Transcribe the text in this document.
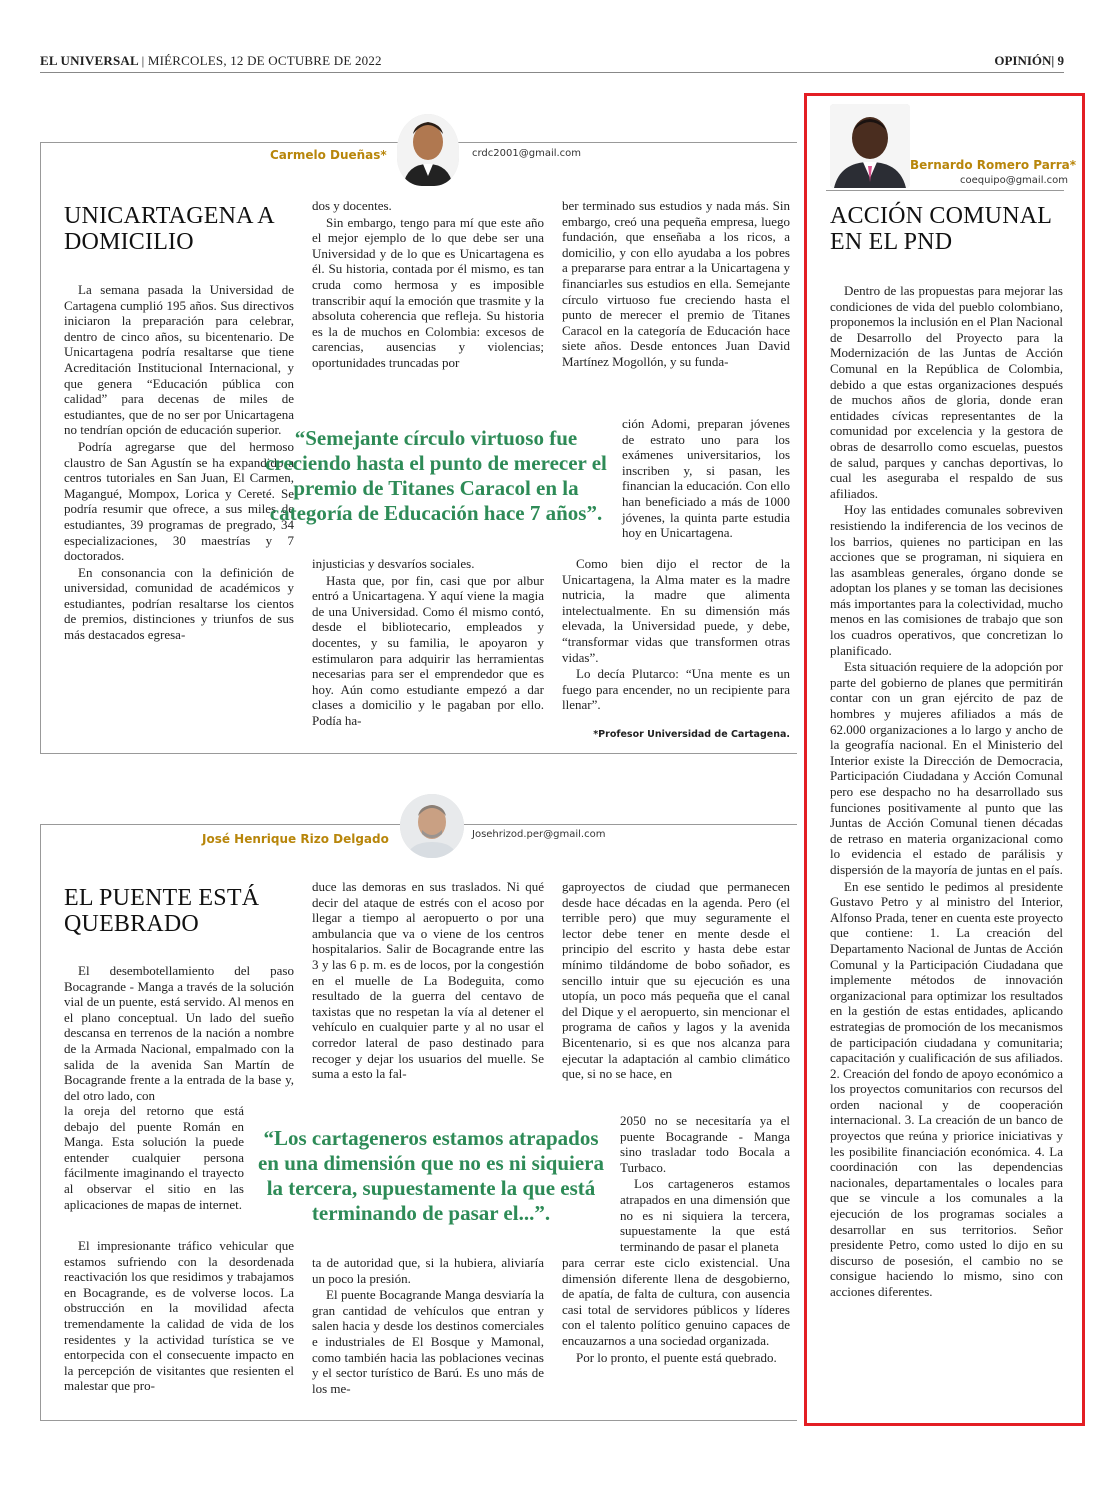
EL UNIVERSAL | MIÉRCOLES, 12 DE OCTUBRE DE 2022	OPINIÓN| 9
Carmelo Dueñas*	crdc2001@gmail.com
UNICARTAGENA A DOMICILIO

La semana pasada la Universidad de Cartagena cumplió 195 años. Sus directivos iniciaron la preparación para celebrar, dentro de cinco años, su bicentenario. De Unicartagena podría resaltarse que tiene Acreditación Institucional Internacional, y que genera “Educación pública con calidad” para decenas de miles de estudiantes, que de no ser por Unicartagena no tendrían opción de educación superior.

Podría agregarse que del hermoso claustro de San Agustín se ha expandido a centros tutoriales en San Juan, El Carmen, Magangué, Mompox, Lorica y Cereté. Se podría resumir que ofrece, a sus miles de estudiantes, 39 programas de pregrado, 34 especializaciones, 30 maestrías y 7 doctorados.

En consonancia con la definición de universidad, comunidad de académicos y estudiantes, podrían resaltarse los cientos de premios, distinciones y triunfos de sus más destacados egresa-

dos y docentes.

Sin embargo, tengo para mí que este año el mejor ejemplo de lo que debe ser una Universidad y de lo que es Unicartagena es él. Su historia, contada por él mismo, es tan cruda como hermosa y es imposible transcribir aquí la emoción que trasmite y la absoluta coherencia que refleja. Su historia es la de muchos en Colombia: excesos de carencias, ausencias y violencias; oportunidades truncadas por

ber terminado sus estudios y nada más. Sin embargo, creó una pequeña empresa, luego fundación, que enseñaba a los ricos, a domicilio, y con ello ayudaba a los pobres a prepararse para entrar a la Unicartagena y financiarles sus estudios en ella. Semejante círculo virtuoso fue creciendo hasta el punto de merecer el premio de Titanes Caracol en la categoría de Educación hace siete años. Desde entonces Juan David Martínez Mogollón, y su funda-

ción Adomi, preparan jóvenes de estrato uno para los exámenes universitarios, los inscriben y, si pasan, les financian la educación. Con ello han beneficiado a más de 1000 jóvenes, la quinta parte estudia hoy en Unicartagena.

“Semejante círculo virtuoso fue creciendo hasta el punto de merecer el premio de Titanes Caracol en la categoría de Educación hace 7 años”.

injusticias y desvaríos sociales.

Hasta que, por fin, casi que por albur entró a Unicartagena. Y aquí viene la magia de una Universidad. Como él mismo contó, desde el bibliotecario, empleados y docentes, y su familia, le apoyaron y estimularon para adquirir las herramientas necesarias para ser el emprendedor que es hoy. Aún como estudiante empezó a dar clases a domicilio y le pagaban por ello. Podía ha-

Como bien dijo el rector de la Unicartagena, la Alma mater es la madre nutricia, la madre que alimenta intelectualmente. En su dimensión más elevada, la Universidad puede, y debe, “transformar vidas que transformen otras vidas”.

Lo decía Plutarco: “Una mente es un fuego para encender, no un recipiente para llenar”.

*Profesor Universidad de Cartagena.
José Henrique Rizo Delgado	Josehrizod.per@gmail.com
EL PUENTE ESTÁ QUEBRADO

El desembotellamiento del paso Bocagrande - Manga a través de la solución vial de un puente, está servido. Al menos en el plano conceptual. Un lado del sueño descansa en terrenos de la nación a nombre de la Armada Nacional, empalmado con la salida de la avenida San Martín de Bocagrande frente a la entrada de la base y, del otro lado, con

la oreja del retorno que está debajo del puente Román en Manga. Esta solución la puede entender cualquier persona fácilmente imaginando el trayecto al observar el sitio en las aplicaciones de mapas de internet.

El impresionante tráfico vehicular que estamos sufriendo con la desordenada reactivación los que residimos y trabajamos en Bocagrande, es de volverse locos. La obstrucción en la movilidad afecta tremendamente la calidad de vida de los residentes y la actividad turística se ve entorpecida con el consecuente impacto en la percepción de visitantes que resienten el malestar que pro-

duce las demoras en sus traslados. Ni qué decir del ataque de estrés con el acoso por llegar a tiempo al aeropuerto o por una ambulancia que va o viene de los centros hospitalarios. Salir de Bocagrande entre las 3 y las 6 p. m. es de locos, por la congestión en el muelle de La Bodeguita, como resultado de la guerra del centavo de taxistas que no respetan la vía al detener el vehículo en cualquier parte y al no usar el corredor lateral de paso destinado para recoger y dejar los usuarios del muelle. Se suma a esto la fal-

“Los cartageneros estamos atrapados en una dimensión que no es ni siquiera la tercera, supuestamente la que está terminando de pasar el...”.

ta de autoridad que, si la hubiera, aliviaría un poco la presión.

El puente Bocagrande Manga desviaría la gran cantidad de vehículos que entran y salen hacia y desde los destinos comerciales e industriales de El Bosque y Mamonal, como también hacia las poblaciones vecinas y el sector turístico de Barú. Es uno más de los me-

gaproyectos de ciudad que permanecen desde hace décadas en la agenda. Pero (el terrible pero) que muy seguramente el lector debe tener en mente desde el principio del escrito y hasta debe estar mínimo tildándome de bobo soñador, es sencillo intuir que su ejecución es una utopía, un poco más pequeña que el canal del Dique y el aeropuerto, sin mencionar el programa de caños y lagos y la avenida Bicentenario, si es que nos alcanza para ejecutar la adaptación al cambio climático que, si no se hace, en

2050 no se necesitaría ya el puente Bocagrande - Manga sino trasladar todo Bocala a Turbaco.

Los cartageneros estamos atrapados en una dimensión que no es ni siquiera la tercera, supuestamente la que está terminando de pasar el planeta

para cerrar este ciclo existencial. Una dimensión diferente llena de desgobierno, de apatía, de falta de cultura, con ausencia casi total de servidores públicos y líderes con el talento político genuino capaces de encauzarnos a una sociedad organizada.

Por lo pronto, el puente está quebrado.

Bernardo Romero Parra*
coequipo@gmail.com
ACCIÓN COMUNAL EN EL PND

Dentro de las propuestas para mejorar las condiciones de vida del pueblo colombiano, proponemos la inclusión en el Plan Nacional de Desarrollo del Proyecto para la Modernización de las Juntas de Acción Comunal en la República de Colombia, debido a que estas organizaciones después de muchos años de gloria, donde eran entidades cívicas representantes de la comunidad por excelencia y la gestora de obras de desarrollo como escuelas, puestos de salud, parques y canchas deportivas, lo cual les aseguraba el respaldo de sus afiliados.

Hoy las entidades comunales sobreviven resistiendo la indiferencia de los vecinos de los barrios, quienes no participan en las acciones que se programan, ni siquiera en las asambleas generales, órgano donde se adoptan los planes y se toman las decisiones más importantes para la colectividad, mucho menos en las comisiones de trabajo que son los cuadros operativos, que concretizan lo planificado.

Esta situación requiere de la adopción por parte del gobierno de planes que permitirán contar con un gran ejército de paz de hombres y mujeres afiliados a más de 62.000 organizaciones a lo largo y ancho de la geografía nacional. En el Ministerio del Interior existe la Dirección de Democracia, Participación Ciudadana y Acción Comunal pero ese despacho no ha desarrollado sus funciones positivamente al punto que las Juntas de Acción Comunal tienen décadas de retraso en materia organizacional como lo evidencia el estado de parálisis y dispersión de la mayoría de juntas en el país.

En ese sentido le pedimos al presidente Gustavo Petro y al ministro del Interior, Alfonso Prada, tener en cuenta este proyecto que contiene: 1. La creación del Departamento Nacional de Juntas de Acción Comunal y la Participación Ciudadana que implemente métodos de innovación organizacional para optimizar los resultados en la gestión de estas entidades, aplicando estrategias de promoción de los mecanismos de participación ciudadana y comunitaria; capacitación y cualificación de sus afiliados. 2. Creación del fondo de apoyo económico a los proyectos comunitarios con recursos del orden nacional y de cooperación internacional. 3. La creación de un banco de proyectos que reúna y priorice iniciativas y les posibilite financiación económica. 4. La coordinación con las dependencias nacionales, departamentales o locales para que se vincule a los comunales a la ejecución de los programas sociales a desarrollar en sus territorios. Señor presidente Petro, como usted lo dijo en su discurso de posesión, el cambio no se consigue haciendo lo mismo, sino con acciones diferentes.
